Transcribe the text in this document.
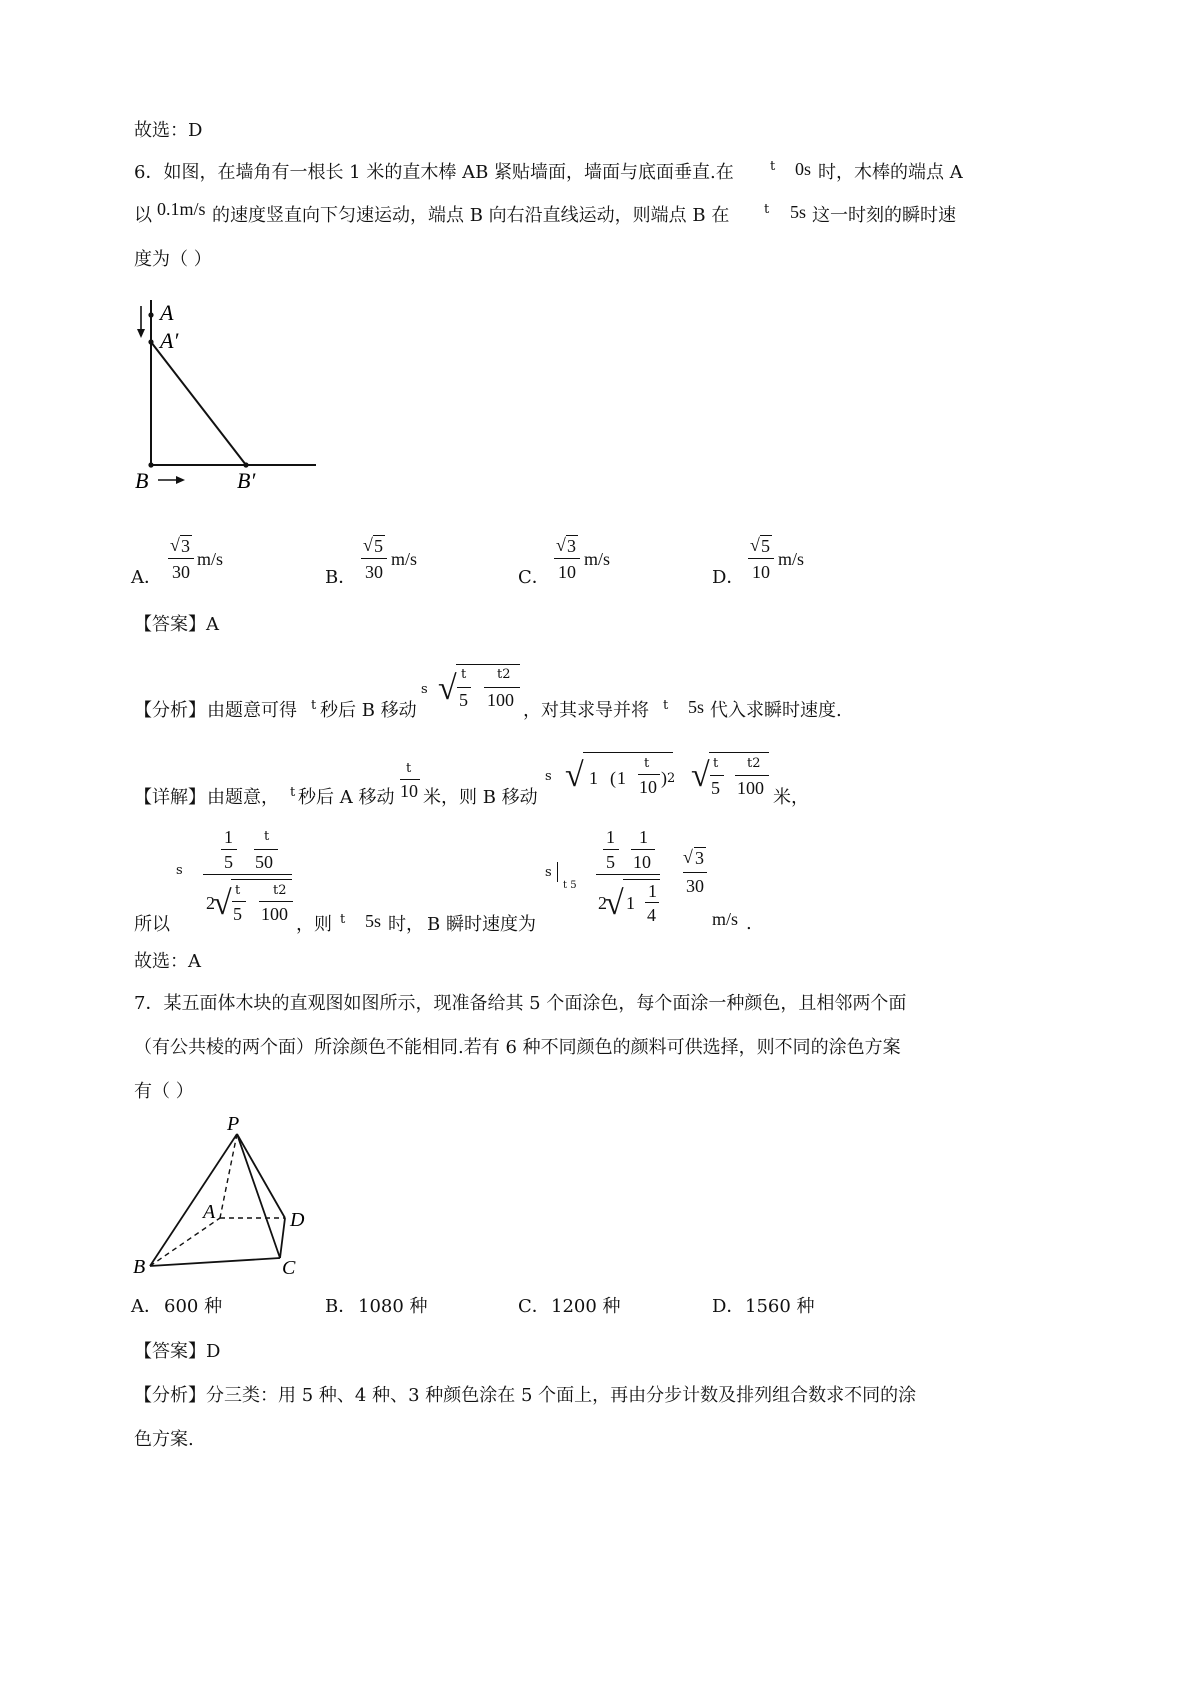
故选：D
6．如图，在墙角有一根长 1 米的直木棒 AB 紧贴墙面，墙面与底面垂直.在	t 0s 时，木棒的端点 A
以 0.1m/s 的速度竖直向下匀速运动，端点 B 向右沿直线运动，则端点 B 在	t 5s 这一时刻的瞬时速
度为（ ）
A
A′
B	B′
A．
√ 3
30
m/s
B．
√ 5
30
m/s
C．
√ 3
10
m/s
D．
√ 5
10
m/s
【答案】A
【分析】 由题意可得 t 秒后 B 移动
s √ t
5
t2
100 ，对其求导并将 t 5s 代入求瞬时速度.
【详解】 由题意， t 秒后 A 移动
t
10 米，则 B 移动
s √ 1 ( 1
t
10 ) 2 √ t
5
t2
100 米，
s
1
5
t
50
2
√ t
5
t2
100
所以	，则 t 5s 时， B 瞬时速度为
s
t 5
1
5
1
10
2
√ 1
1
4
√ 3
30
m/s .
故选：A
7．某五面体木块的直观图如图所示，现准备给其 5 个面涂色，每个面涂一种颜色，且相邻两个面
（有公共棱的两个面）所涂颜色不能相同.若有 6 种不同颜色的颜料可供选择，则不同的涂色方案
有（ ）
P
A	D
B	C
A． 600 种	B． 1080 种	C． 1200 种	D． 1560 种
【答案】D
【分析】分三类：用 5 种、4 种、3 种颜色涂在 5 个面上，再由分步计数及排列组合数求不同的涂
色方案.
